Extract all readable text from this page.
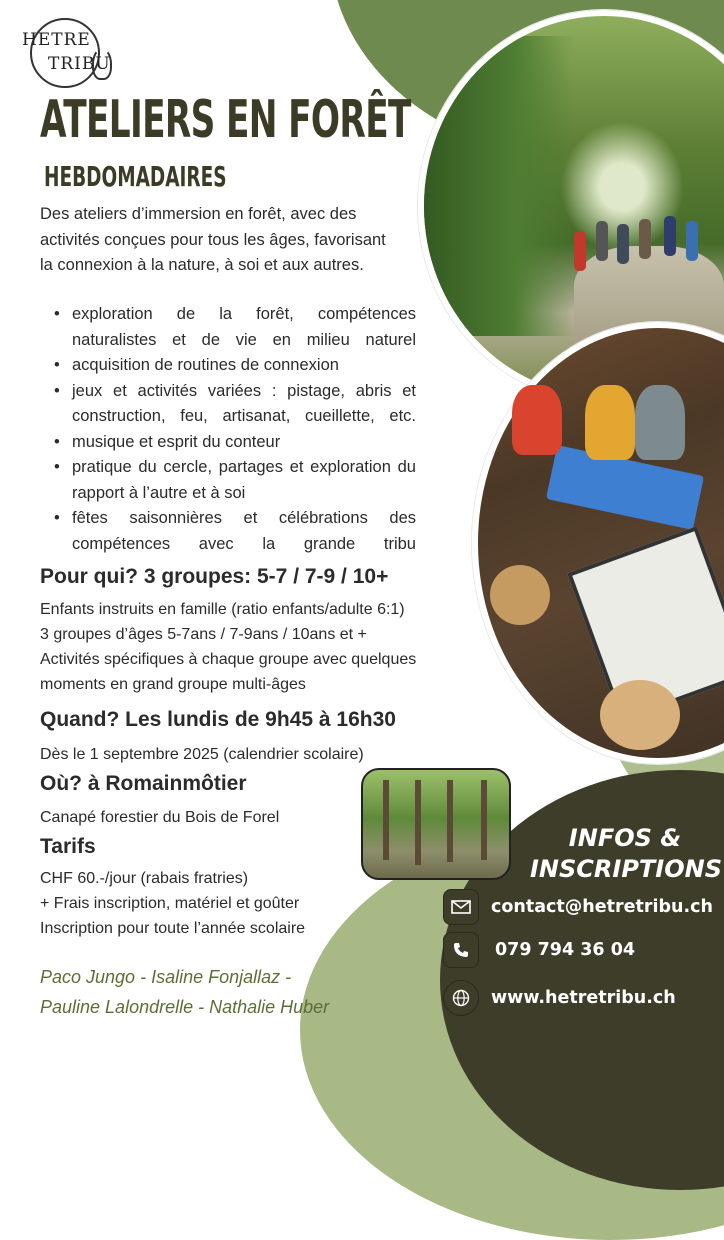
HETRE
TRIBU
ATELIERS EN FORÊT
HEBDOMADAIRES
Des ateliers d’immersion en forêt, avec des activités conçues pour tous les âges, favorisant la connexion à la nature, à soi et aux autres.
• exploration de la forêt, compétences naturalistes et de vie en milieu naturel
• acquisition de routines de connexion
• jeux et activités variées : pistage, abris et construction, feu, artisanat, cueillette, etc.
• musique et esprit du conteur
• pratique du cercle, partages et exploration du rapport à l’autre et à soi
• fêtes saisonnières et célébrations des compétences avec la grande tribu
Pour qui? 3 groupes: 5-7 / 7-9 / 10+
Enfants instruits en famille (ratio enfants/adulte 6:1)
3 groupes d’âges 5-7ans / 7-9ans / 10ans et +
Activités spécifiques à chaque groupe avec quelques
moments en grand groupe multi-âges
Quand? Les lundis de 9h45 à 16h30
Dès le 1 septembre 2025 (calendrier scolaire)
Où? à Romainmôtier
Canapé forestier du Bois de Forel
Tarifs
CHF 60.-/jour (rabais fratries)
+ Frais inscription, matériel et goûter
Inscription pour toute l’année scolaire
Paco Jungo - Isaline Fonjallaz -
Pauline Lalondrelle - Nathalie Huber
INFOS &
INSCRIPTIONS
contact@hetretribu.ch
079 794 36 04
www.hetretribu.ch
